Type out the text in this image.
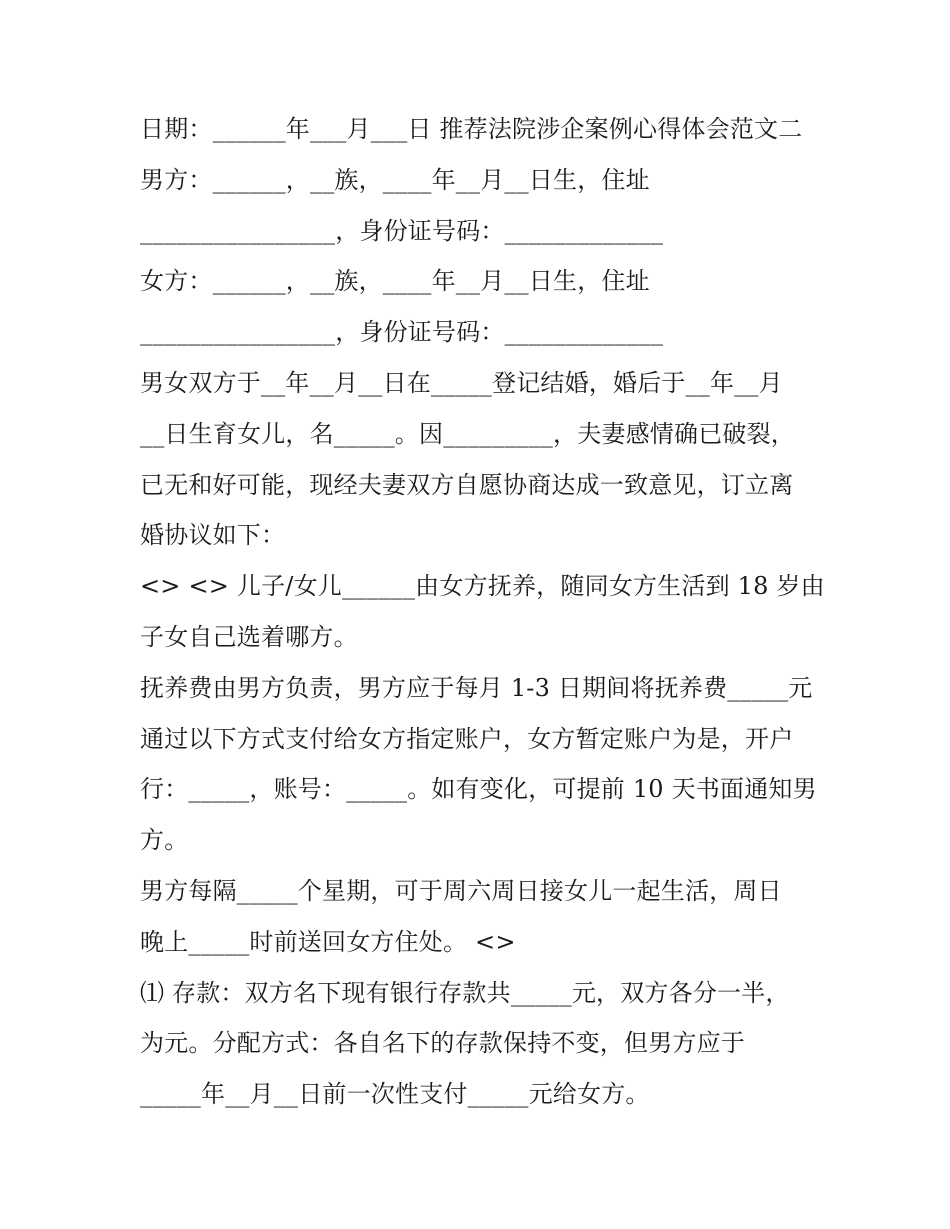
日期：______年___月___日 推荐法院涉企案例心得体会范文二
男方：______，__族，____年__月__日生，住址
________________，身份证号码：_____________
女方：______，__族，____年__月__日生，住址
________________，身份证号码：_____________
男女双方于__年__月__日在_____登记结婚，婚后于__年__月
__日生育女儿，名_____。因_________，夫妻感情确已破裂，
已无和好可能，现经夫妻双方自愿协商达成一致意见，订立离
婚协议如下：
<> <> 儿子/女儿______由女方抚养，随同女方生活到 18 岁由
子女自己选着哪方。
抚养费由男方负责，男方应于每月 1-3 日期间将抚养费_____元
通过以下方式支付给女方指定账户，女方暂定账户为是，开户
行：_____，账号：_____。如有变化，可提前 10 天书面通知男
方。
男方每隔_____个星期，可于周六周日接女儿一起生活，周日
晚上_____时前送回女方住处。 <>
⑴ 存款：双方名下现有银行存款共_____元，双方各分一半，
为元。分配方式：各自名下的存款保持不变，但男方应于
_____年__月__日前一次性支付_____元给女方。
